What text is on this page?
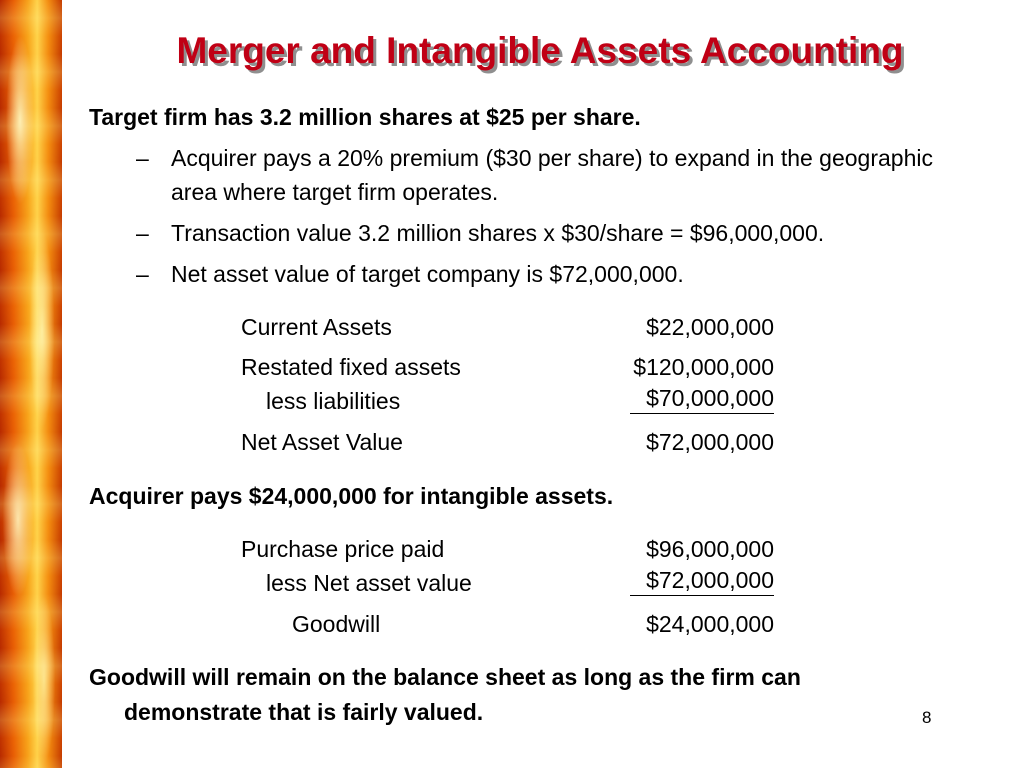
Merger and Intangible Assets Accounting

Target firm has 3.2 million shares at $25 per share.

– Acquirer pays a 20% premium ($30 per share) to expand in the geographic area where target firm operates.
– Transaction value 3.2 million shares x $30/share = $96,000,000.
– Net asset value of target company is $72,000,000.
Current Assets	$22,000,000
Restated fixed assets	$120,000,000
less liabilities	$70,000,000
Net Asset Value	$72,000,000

Acquirer pays $24,000,000 for intangible assets.

Purchase price paid	$96,000,000
less Net asset value	$72,000,000
Goodwill	$24,000,000

Goodwill will remain on the balance sheet as long as the firm can

demonstrate that is fairly valued.	8
